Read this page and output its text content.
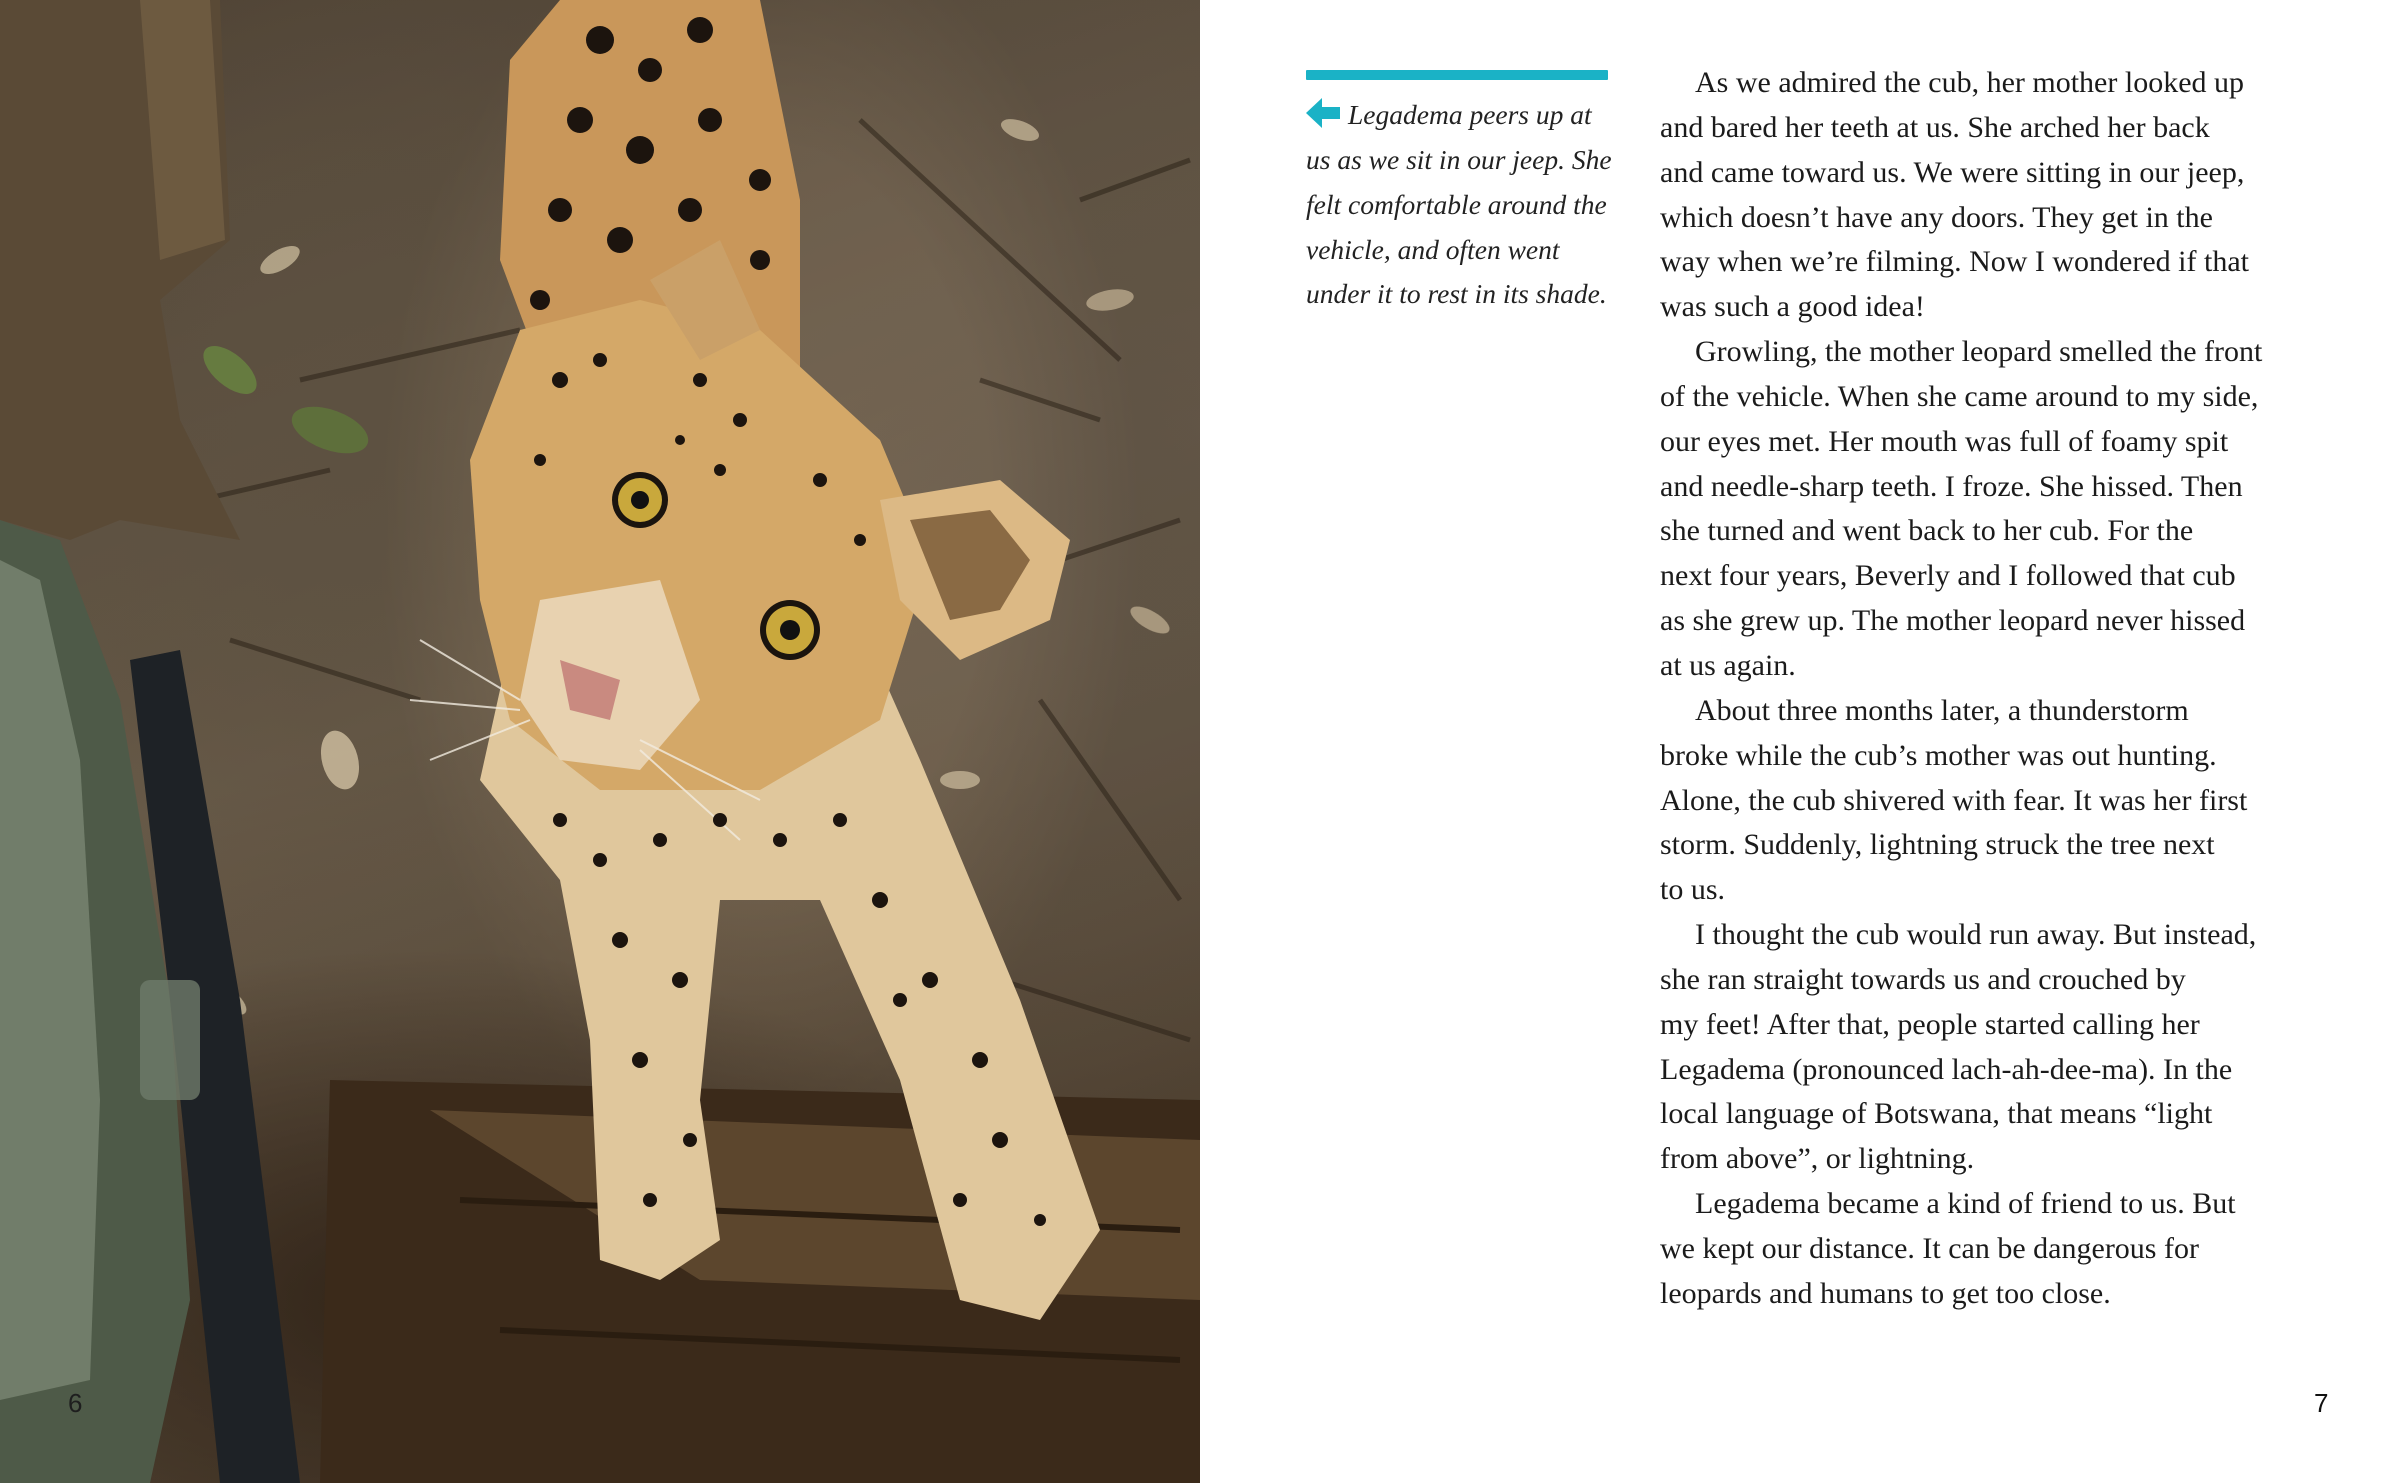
6
Legadema peers up at
us as we sit in our jeep. She
felt comfortable around the
vehicle, and often went
under it to rest in its shade.
As we admired the cub, her mother looked up
and bared her teeth at us. She arched her back
and came toward us. We were sitting in our jeep,
which doesn’t have any doors. They get in the
way when we’re filming. Now I wondered if that
was such a good idea!
Growling, the mother leopard smelled the front
of the vehicle. When she came around to my side,
our eyes met. Her mouth was full of foamy spit
and needle-sharp teeth. I froze. She hissed. Then
she turned and went back to her cub. For the
next four years, Beverly and I followed that cub
as she grew up. The mother leopard never hissed
at us again.
About three months later, a thunderstorm
broke while the cub’s mother was out hunting.
Alone, the cub shivered with fear. It was her first
storm. Suddenly, lightning struck the tree next
to us.
I thought the cub would run away. But instead,
she ran straight towards us and crouched by
my feet! After that, people started calling her
Legadema (pronounced lach-ah-dee-ma). In the
local language of Botswana, that means “light
from above”, or lightning.
Legadema became a kind of friend to us. But
we kept our distance. It can be dangerous for
leopards and humans to get too close.
7
